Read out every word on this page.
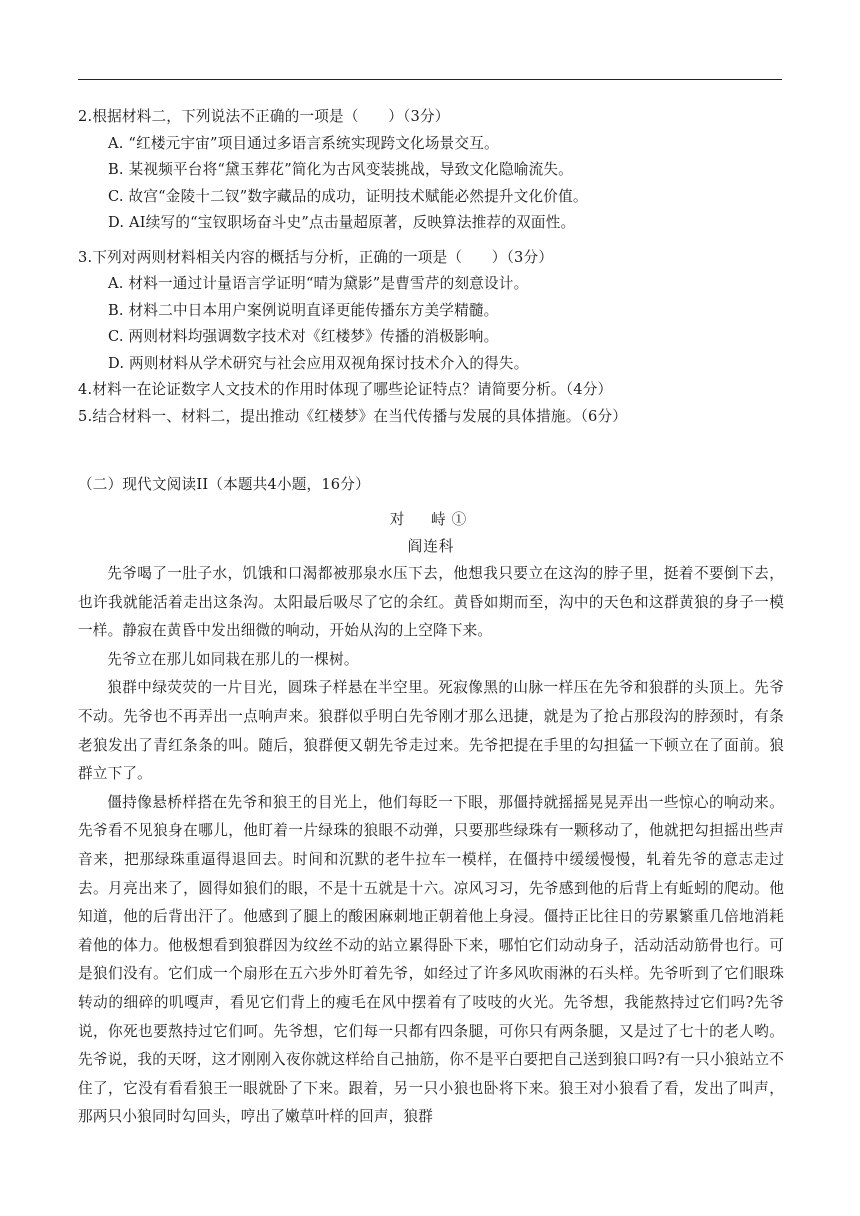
2.根据材料二，下列说法不正确的一项是（　　）（3分）

A. “红楼元宇宙”项目通过多语言系统实现跨文化场景交互。

B. 某视频平台将“黛玉葬花”简化为古风变装挑战，导致文化隐喻流失。

C. 故宫“金陵十二钗”数字藏品的成功，证明技术赋能必然提升文化价值。

D. AI续写的“宝钗职场奋斗史”点击量超原著，反映算法推荐的双面性。

3.下列对两则材料相关内容的概括与分析，正确的一项是（　　）（3分）

A. 材料一通过计量语言学证明“晴为黛影”是曹雪芹的刻意设计。

B. 材料二中日本用户案例说明直译更能传播东方美学精髓。

C. 两则材料均强调数字技术对《红楼梦》传播的消极影响。

D. 两则材料从学术研究与社会应用双视角探讨技术介入的得失。

4.材料一在论证数字人文技术的作用时体现了哪些论证特点？请简要分析。（4分）

5.结合材料一、材料二，提出推动《红楼梦》在当代传播与发展的具体措施。（6分）

（二）现代文阅读II（本题共4小题，16分）
对　峙①
阎连科

先爷喝了一肚子水，饥饿和口渴都被那泉水压下去，他想我只要立在这沟的脖子里，挺着不要倒下去，也许我就能活着走出这条沟。太阳最后吸尽了它的余红。黄昏如期而至，沟中的天色和这群黄狼的身子一模一样。静寂在黄昏中发出细微的响动，开始从沟的上空降下来。

先爷立在那儿如同栽在那儿的一棵树。

狼群中绿荧荧的一片目光，圆珠子样悬在半空里。死寂像黑的山脉一样压在先爷和狼群的头顶上。先爷不动。先爷也不再弄出一点响声来。狼群似乎明白先爷刚才那么迅捷，就是为了抢占那段沟的脖颈时，有条老狼发出了青红条条的叫。随后，狼群便又朝先爷走过来。先爷把提在手里的勾担猛一下顿立在了面前。狼群立下了。

僵持像悬桥样搭在先爷和狼王的目光上，他们每眨一下眼，那僵持就摇摇晃晃弄出一些惊心的响动来。先爷看不见狼身在哪儿，他盯着一片绿珠的狼眼不动弹，只要那些绿珠有一颗移动了，他就把勾担摇出些声音来，把那绿珠重逼得退回去。时间和沉默的老牛拉车一模样，在僵持中缓缓慢慢，轧着先爷的意志走过去。月亮出来了，圆得如狼们的眼，不是十五就是十六。凉风习习，先爷感到他的后背上有蚯蚓的爬动。他知道，他的后背出汗了。他感到了腿上的酸困麻刺地正朝着他上身浸。僵持正比往日的劳累繁重几倍地消耗着他的体力。他极想看到狼群因为纹丝不动的站立累得卧下来，哪怕它们动动身子，活动活动筋骨也行。可是狼们没有。它们成一个扇形在五六步外盯着先爷，如经过了许多风吹雨淋的石头样。先爷听到了它们眼珠转动的细碎的叽嘎声，看见它们背上的瘦毛在风中摆着有了吱吱的火光。先爷想，我能熬持过它们吗?先爷说，你死也要熬持过它们呵。先爷想，它们每一只都有四条腿，可你只有两条腿，又是过了七十的老人哟。先爷说，我的天呀，这才刚刚入夜你就这样给自己抽筋，你不是平白要把自己送到狼口吗?有一只小狼站立不住了，它没有看看狼王一眼就卧了下来。跟着，另一只小狼也卧将下来。狼王对小狼看了看，发出了叫声，那两只小狼同时勾回头，哼出了嫩草叶样的回声，狼群
